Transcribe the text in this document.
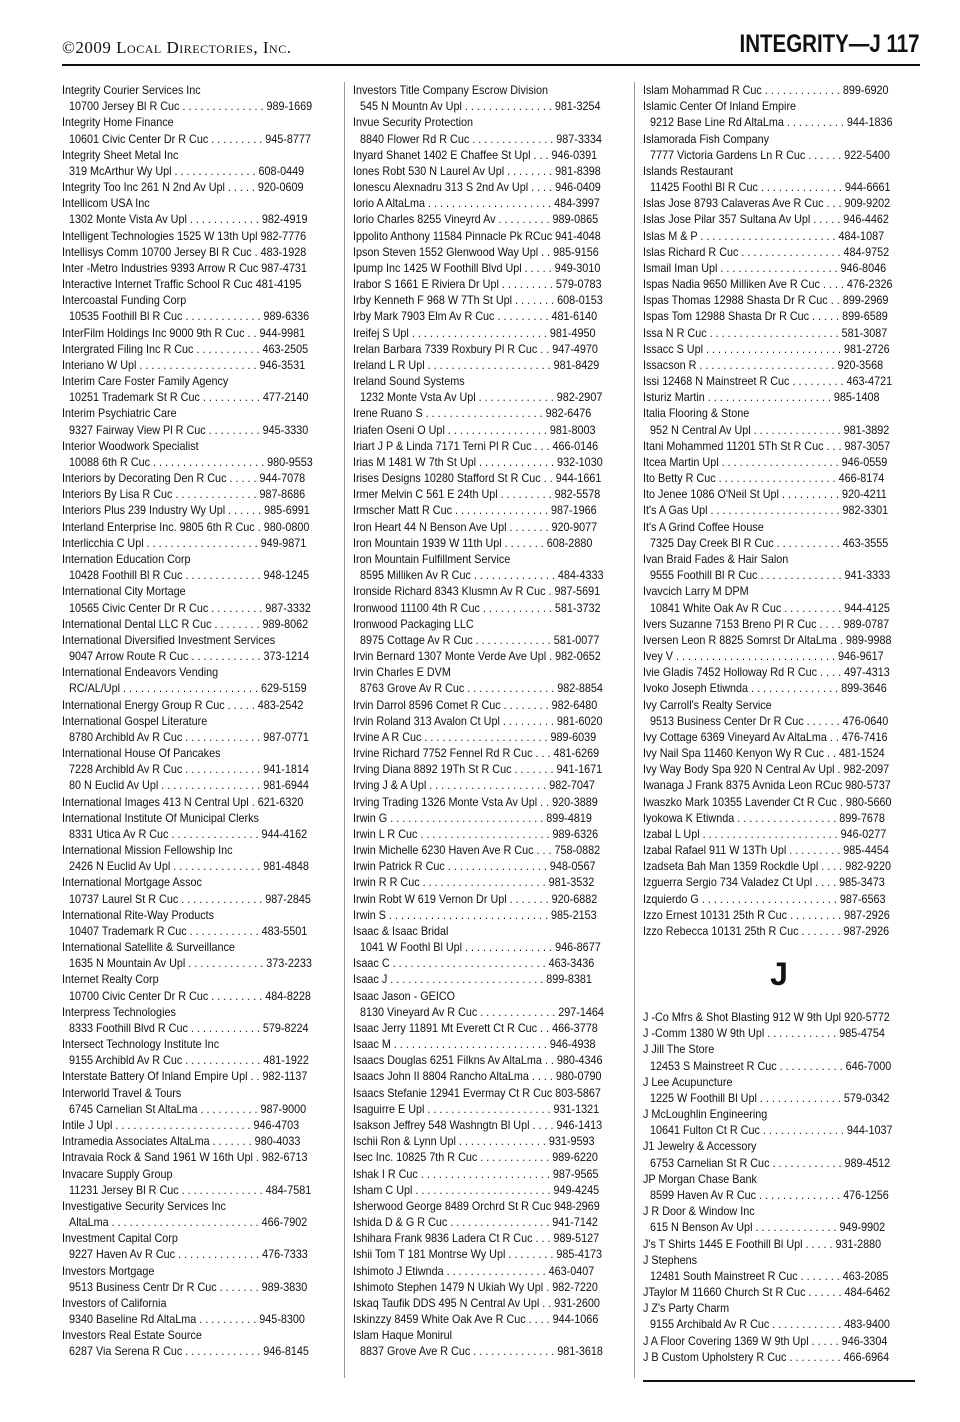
©2009 Local Directories, Inc.	INTEGRITY—J 117
Integrity Courier Services Inc
10700 Jersey Bl R Cuc . . . . . . . . . . . . . . 989-1669
Integrity Home Finance
10601 Civic Center Dr R Cuc . . . . . . . . . 945-8777
Integrity Sheet Metal Inc
319 McArthur Wy Upl . . . . . . . . . . . . . . 608-0449
Integrity Too Inc 261 N 2nd Av Upl . . . . . 920-0609
Intellicom USA Inc
1302 Monte Vista Av Upl . . . . . . . . . . . . 982-4919
Intelligent Technologies 1525 W 13th Upl 982-7776
Intellisys Comm 10700 Jersey Bl R Cuc . 483-1928
Inter -Metro Industries 9393 Arrow R Cuc 987-4731
Interactive Internet Traffic School R Cuc 481-4195
Intercoastal Funding Corp
10535 Foothill Bl R Cuc . . . . . . . . . . . . . 989-6336
InterFilm Holdings Inc 9000 9th R Cuc . . 944-9981
Intergrated Filing Inc R Cuc . . . . . . . . . . . 463-2505
Interiano W Upl . . . . . . . . . . . . . . . . . . . . 946-3531
Interim Care Foster Family Agency
10251 Trademark St R Cuc . . . . . . . . . . 477-2140
Interim Psychiatric Care
9327 Fairway View Pl R Cuc . . . . . . . . . 945-3330
Interior Woodwork Specialist
10088 6th R Cuc . . . . . . . . . . . . . . . . . . . 980-9553
Interiors by Decorating Den R Cuc . . . . . 944-7078
Interiors By Lisa R Cuc . . . . . . . . . . . . . . 987-8686
Interiors Plus 239 Industry Wy Upl . . . . . . 985-6991
Interland Enterprise Inc. 9805 6th R Cuc . 980-0800
Interlicchia C Upl . . . . . . . . . . . . . . . . . . . 949-9871
Internation Education Corp
10428 Foothill Bl R Cuc . . . . . . . . . . . . . 948-1245
International City Mortage
10565 Civic Center Dr R Cuc . . . . . . . . . 987-3332
International Dental LLC R Cuc . . . . . . . . 989-8062
International Diversified Investment Services
9047 Arrow Route R Cuc . . . . . . . . . . . . 373-1214
International Endeavors Vending
RC/AL/Upl . . . . . . . . . . . . . . . . . . . . . . . 629-5159
International Energy Group R Cuc . . . . . 483-2542
International Gospel Literature
8780 Archibld Av R Cuc . . . . . . . . . . . . . 987-0771
International House Of Pancakes
7228 Archibld Av R Cuc . . . . . . . . . . . . . 941-1814
80 N Euclid Av Upl . . . . . . . . . . . . . . . . . 981-6944
International Images 413 N Central Upl . 621-6320
International Institute Of Municipal Clerks
8331 Utica Av R Cuc . . . . . . . . . . . . . . . 944-4162
International Mission Fellowship Inc
2426 N Euclid Av Upl . . . . . . . . . . . . . . . 981-4848
International Mortgage Assoc
10737 Laurel St R Cuc . . . . . . . . . . . . . . 987-2845
International Rite-Way Products
10407 Trademark R Cuc . . . . . . . . . . . . 483-5501
International Satellite & Surveillance
1635 N Mountain Av Upl . . . . . . . . . . . . . 373-2233
Internet Realty Corp
10700 Civic Center Dr R Cuc . . . . . . . . . 484-8228
Interpress Technologies
8333 Foothill Blvd R Cuc . . . . . . . . . . . . 579-8224
Intersect Technology Institute Inc
9155 Archibld Av R Cuc . . . . . . . . . . . . . 481-1922
Interstate Battery Of Inland Empire Upl . . 982-1137
Interworld Travel & Tours
6745 Carnelian St AltaLma . . . . . . . . . . 987-9000
Intile J Upl . . . . . . . . . . . . . . . . . . . . . . . 946-4703
Intramedia Associates AltaLma . . . . . . . 980-4033
Intravaia Rock & Sand 1961 W 16th Upl . 982-6713
Invacare Supply Group
11231 Jersey Bl R Cuc . . . . . . . . . . . . . . 484-7581
Investigative Security Services Inc
AltaLma . . . . . . . . . . . . . . . . . . . . . . . . . 466-7902
Investment Capital Corp
9227 Haven Av R Cuc . . . . . . . . . . . . . . 476-7333
Investors Mortgage
9513 Business Centr Dr R Cuc . . . . . . . 989-3830
Investors of California
9340 Baseline Rd AltaLma . . . . . . . . . . 945-8300
Investors Real Estate Source
6287 Via Serena R Cuc . . . . . . . . . . . . . 946-8145
Investors Title Company Escrow Division
545 N Mountn Av Upl . . . . . . . . . . . . . . . 981-3254
Invue Security Protection
8840 Flower Rd R Cuc . . . . . . . . . . . . . . 987-3334
Inyard Shanet 1402 E Chaffee St Upl . . . 946-0391
Iones Robt 530 N Laurel Av Upl . . . . . . . . 981-8398
Ionescu Alexnadru 313 S 2nd Av Upl . . . . 946-0409
Iorio A AltaLma . . . . . . . . . . . . . . . . . . . . . 484-3997
Iorio Charles 8255 Vineyrd Av . . . . . . . . . 989-0865
Ippolito Anthony 11584 Pinnacle Pk RCuc 941-4048
Ipson Steven 1552 Glenwood Way Upl . . 985-9156
Ipump Inc 1425 W Foothill Blvd Upl . . . . . 949-3010
Irabor S 1661 E Riviera Dr Upl . . . . . . . . . 579-0783
Irby Kenneth F 968 W 7Th St Upl . . . . . . . 608-0153
Irby Mark 7903 Elm Av R Cuc . . . . . . . . . 481-6140
Ireifej S Upl . . . . . . . . . . . . . . . . . . . . . . . 981-4950
Irelan Barbara 7339 Roxbury Pl R Cuc . . 947-4970
Ireland L R Upl . . . . . . . . . . . . . . . . . . . . . 981-8429
Ireland Sound Systems
1232 Monte Vsta Av Upl . . . . . . . . . . . . . 982-2907
Irene Ruano S . . . . . . . . . . . . . . . . . . . . 982-6476
Iriafen Oseni O Upl . . . . . . . . . . . . . . . . . 981-8003
Iriart J P & Linda 7171 Terni Pl R Cuc . . . 466-0146
Irias M 1481 W 7th St Upl . . . . . . . . . . . . . 932-1030
Irises Designs 10280 Stafford St R Cuc . . 944-1661
Irmer Melvin C 561 E 24th Upl . . . . . . . . . 982-5578
Irmscher Matt R Cuc . . . . . . . . . . . . . . . . 987-1966
Iron Heart 44 N Benson Ave Upl . . . . . . . 920-9077
Iron Mountain 1939 W 11th Upl . . . . . . . 608-2880
Iron Mountain Fulfillment Service
8595 Milliken Av R Cuc . . . . . . . . . . . . . . 484-4333
Ironside Richard 8343 Klusmn Av R Cuc . 987-5691
Ironwood 11100 4th R Cuc . . . . . . . . . . . . 581-3732
Ironwood Packaging LLC
8975 Cottage Av R Cuc . . . . . . . . . . . . . 581-0077
Irvin Bernard 1307 Monte Verde Ave Upl . 982-0652
Irvin Charles E DVM
8763 Grove Av R Cuc . . . . . . . . . . . . . . . 982-8854
Irvin Darrol 8596 Comet R Cuc . . . . . . . . 982-6480
Irvin Roland 313 Avalon Ct Upl . . . . . . . . . 981-6020
Irvine A R Cuc . . . . . . . . . . . . . . . . . . . . . 989-6039
Irvine Richard 7752 Fennel Rd R Cuc . . . 481-6269
Irving Diana 8892 19Th St R Cuc . . . . . . . 941-1671
Irving J & A Upl . . . . . . . . . . . . . . . . . . . . 982-7047
Irving Trading 1326 Monte Vsta Av Upl . . 920-3889
Irwin G . . . . . . . . . . . . . . . . . . . . . . . . . . 899-4819
Irwin L R Cuc . . . . . . . . . . . . . . . . . . . . . . 989-6326
Irwin Michelle 6230 Haven Ave R Cuc . . . 758-0882
Irwin Patrick R Cuc . . . . . . . . . . . . . . . . . 948-0567
Irwin R R Cuc . . . . . . . . . . . . . . . . . . . . . 981-3532
Irwin Robt W 619 Vernon Dr Upl . . . . . . . 920-6882
Irwin S . . . . . . . . . . . . . . . . . . . . . . . . . . . 985-2153
Isaac & Isaac Bridal
1041 W Foothl Bl Upl . . . . . . . . . . . . . . . 946-8677
Isaac C . . . . . . . . . . . . . . . . . . . . . . . . . . 463-3436
Isaac J . . . . . . . . . . . . . . . . . . . . . . . . . . 899-8381
Isaac Jason - GEICO
8130 Vineyard Av R Cuc . . . . . . . . . . . . . 297-1464
Isaac Jerry 11891 Mt Everett Ct R Cuc . . 466-3778
Isaac M . . . . . . . . . . . . . . . . . . . . . . . . . . 946-4938
Isaacs Douglas 6251 Filkns Av AltaLma . . 980-4346
Isaacs John II 8804 Rancho AltaLma . . . . 980-0790
Isaacs Stefanie 12941 Evermay Ct R Cuc 803-5867
Isaguirre E Upl . . . . . . . . . . . . . . . . . . . . . 931-1321
Isakson Jeffrey 548 Washngtn Bl Upl . . . . 946-1413
Ischii Ron & Lynn Upl . . . . . . . . . . . . . . . 931-9593
Isec Inc. 10825 7th R Cuc . . . . . . . . . . . . 989-6220
Ishak I R Cuc . . . . . . . . . . . . . . . . . . . . . . 987-9565
Isham C Upl . . . . . . . . . . . . . . . . . . . . . . . 949-4245
Isherwood George 8489 Orchrd St R Cuc 948-2969
Ishida D & G R Cuc . . . . . . . . . . . . . . . . . 941-7142
Ishihara Frank 9836 Ladera Ct R Cuc . . . 989-5127
Ishii Tom T 181 Montrse Wy Upl . . . . . . . . 985-4173
Ishimoto J Etiwnda . . . . . . . . . . . . . . . . . 463-0407
Ishimoto Stephen 1479 N Ukiah Wy Upl . 982-7220
Iskaq Taufik DDS 495 N Central Av Upl . . 931-2600
Iskinzzy 8459 White Oak Ave R Cuc . . . . 944-1066
Islam Haque Monirul
8837 Grove Ave R Cuc . . . . . . . . . . . . . . 981-3618
Islam Mohammad R Cuc . . . . . . . . . . . . . 899-6920
Islamic Center Of Inland Empire
9212 Base Line Rd AltaLma . . . . . . . . . . 944-1836
Islamorada Fish Company
7777 Victoria Gardens Ln R Cuc . . . . . . 922-5400
Islands Restaurant
11425 Foothl Bl R Cuc . . . . . . . . . . . . . . 944-6661
Islas Jose 8793 Calaveras Ave R Cuc . . . 909-9202
Islas Jose Pilar 357 Sultana Av Upl . . . . . 946-4462
Islas M & P . . . . . . . . . . . . . . . . . . . . . . . 484-1087
Islas Richard R Cuc . . . . . . . . . . . . . . . . . 484-9752
Ismail Iman Upl . . . . . . . . . . . . . . . . . . . . 946-8046
Ispas Nadia 9650 Milliken Ave R Cuc . . . . 476-2326
Ispas Thomas 12988 Shasta Dr R Cuc . . 899-2969
Ispas Tom 12988 Shasta Dr R Cuc . . . . . 899-6589
Issa N R Cuc . . . . . . . . . . . . . . . . . . . . . . 581-3087
Issacc S Upl . . . . . . . . . . . . . . . . . . . . . . . 981-2726
Issacson R . . . . . . . . . . . . . . . . . . . . . . . 920-3568
Issi 12468 N Mainstreet R Cuc . . . . . . . . . 463-4721
Isturiz Martin . . . . . . . . . . . . . . . . . . . . . 985-1408
Italia Flooring & Stone
952 N Central Av Upl . . . . . . . . . . . . . . . 981-3892
Itani Mohammed 11201 5Th St R Cuc . . . 987-3057
Itcea Martin Upl . . . . . . . . . . . . . . . . . . . . 946-0559
Ito Betty R Cuc . . . . . . . . . . . . . . . . . . . . 466-8174
Ito Jenee 1086 O'Neil St Upl . . . . . . . . . . 920-4211
It's A Gas Upl . . . . . . . . . . . . . . . . . . . . . . 982-3301
It's A Grind Coffee House
7325 Day Creek Bl R Cuc . . . . . . . . . . . 463-3555
Ivan Braid Fades & Hair Salon
9555 Foothill Bl R Cuc . . . . . . . . . . . . . . 941-3333
Ivavcich Larry M DPM
10841 White Oak Av R Cuc . . . . . . . . . . 944-4125
Ivers Suzanne 7153 Breno Pl R Cuc . . . . 989-0787
Iversen Leon R 8825 Somrst Dr AltaLma . 989-9988
Ivey V . . . . . . . . . . . . . . . . . . . . . . . . . . . 946-9617
Ivie Gladis 7452 Holloway Rd R Cuc . . . . 497-4313
Ivoko Joseph Etiwnda . . . . . . . . . . . . . . . 899-3646
Ivy Carroll's Realty Service
9513 Business Center Dr R Cuc . . . . . . 476-0640
Ivy Cottage 6369 Vineyard Av AltaLma . . 476-7416
Ivy Nail Spa 11460 Kenyon Wy R Cuc . . 481-1524
Ivy Way Body Spa 920 N Central Av Upl . 982-2097
Iwanaga J Frank 8375 Avnida Leon RCuc 980-5737
Iwaszko Mark 10355 Lavender Ct R Cuc . 980-5660
Iyokowa K Etiwnda . . . . . . . . . . . . . . . . . 899-7678
Izabal L Upl . . . . . . . . . . . . . . . . . . . . . . . 946-0277
Izabal Rafael 911 W 13Th Upl . . . . . . . . . 985-4454
Izadseta Bah Man 1359 Rockdle Upl . . . . 982-9220
Izguerra Sergio 734 Valadez Ct Upl . . . . 985-3473
Izquierdo G . . . . . . . . . . . . . . . . . . . . . . . 987-6563
Izzo Ernest 10131 25th R Cuc . . . . . . . . . 987-2926
Izzo Rebecca 10131 25th R Cuc . . . . . . . 987-2926
J
J -Co Mfrs & Shot Blasting 912 W 9th Upl 920-5772
J -Comm 1380 W 9th Upl . . . . . . . . . . . . 985-4754
J Jill The Store
12453 S Mainstreet R Cuc . . . . . . . . . . . 646-7000
J Lee Acupuncture
1225 W Foothill Bl Upl . . . . . . . . . . . . . . 579-0342
J McLoughlin Engineering
10641 Fulton Ct R Cuc . . . . . . . . . . . . . . 944-1037
J1 Jewelry & Accessory
6753 Carnelian St R Cuc . . . . . . . . . . . . 989-4512
JP Morgan Chase Bank
8599 Haven Av R Cuc . . . . . . . . . . . . . . 476-1256
J R Door & Window Inc
615 N Benson Av Upl . . . . . . . . . . . . . . 949-9902
J's T Shirts 1445 E Foothill Bl Upl . . . . . 931-2880
J Stephens
12481 South Mainstreet R Cuc . . . . . . . 463-2085
JTaylor M 11660 Church St R Cuc . . . . . . 484-6462
J Z's Party Charm
9155 Archibald Av R Cuc . . . . . . . . . . . . 483-9400
J A Floor Covering 1369 W 9th Upl . . . . . 946-3304
J B Custom Upholstery R Cuc . . . . . . . . . 466-6964
